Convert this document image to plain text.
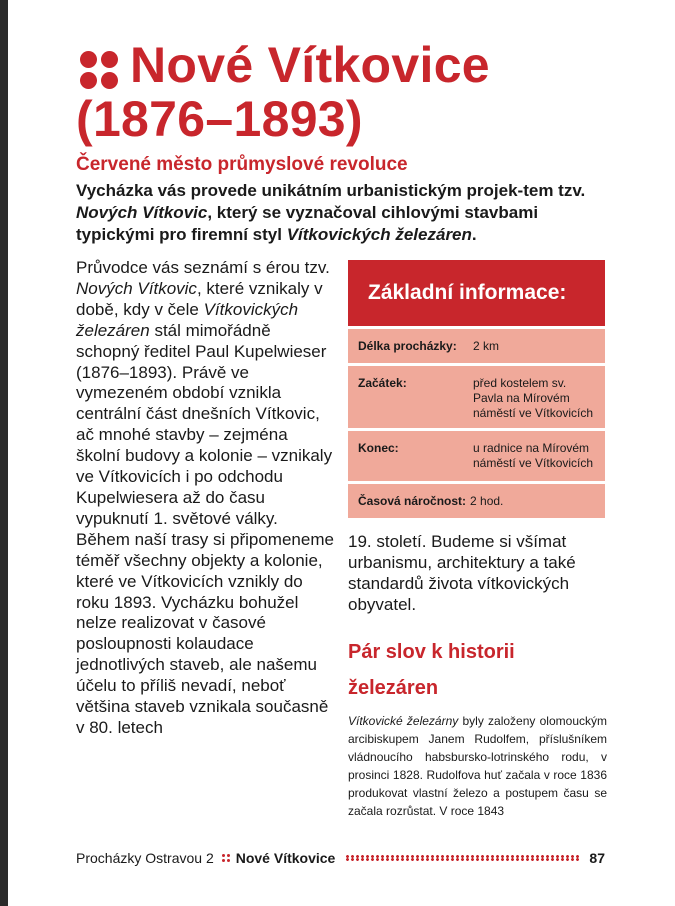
Nové Vítkovice
(1876–1893)

Červené město průmyslové revoluce

Vycházka vás provede unikátním urbanistickým projek-tem tzv. Nových Vítkovic, který se vyznačoval cihlovými stavbami typickými pro firemní styl Vítkovických železáren.

Průvodce vás seznámí s érou tzv. Nových Vítkovic, které vznikaly v době, kdy v čele Vítkovických železáren stál mimořádně schopný ředitel Paul Kupelwieser (1876–1893). Právě ve vymezeném období vznikla centrální část dnešních Vítkovic, ač mnohé stavby – zejména školní budovy a kolonie – vznikaly ve Vítkovicích i po odchodu Kupelwiesera až do času vypuknutí 1. světové války. Během naší trasy si připomeneme téměř všechny objekty a kolonie, které ve Vítkovicích vznikly do roku 1893. Vycházku bohužel nelze realizovat v časové posloupnosti kolaudace jednotlivých staveb, ale našemu účelu to příliš nevadí, neboť většina staveb vznikala současně v 80. letech

Základní informace:
Délka procházky:	2 km
Začátek:	před kostelem sv. Pavla na Mírovém náměstí ve Vítkovicích
Konec:	u radnice na Mírovém náměstí ve Vítkovicích
Časová náročnost: 2 hod.

19. století. Budeme si všímat urbanismu, architektury a také standardů života vítkovických obyvatel.

Pár slov k historii železáren

Vítkovické železárny byly založeny olomouckým arcibiskupem Janem Rudolfem, příslušníkem vládnoucího habsbursko-lotrinského rodu, v prosinci 1828. Rudolfova huť začala v roce 1836 produkovat vlastní železo a postupem času se začala rozrůstat. V roce 1843

Procházky Ostravou 2 Nové Vítkovice	87
